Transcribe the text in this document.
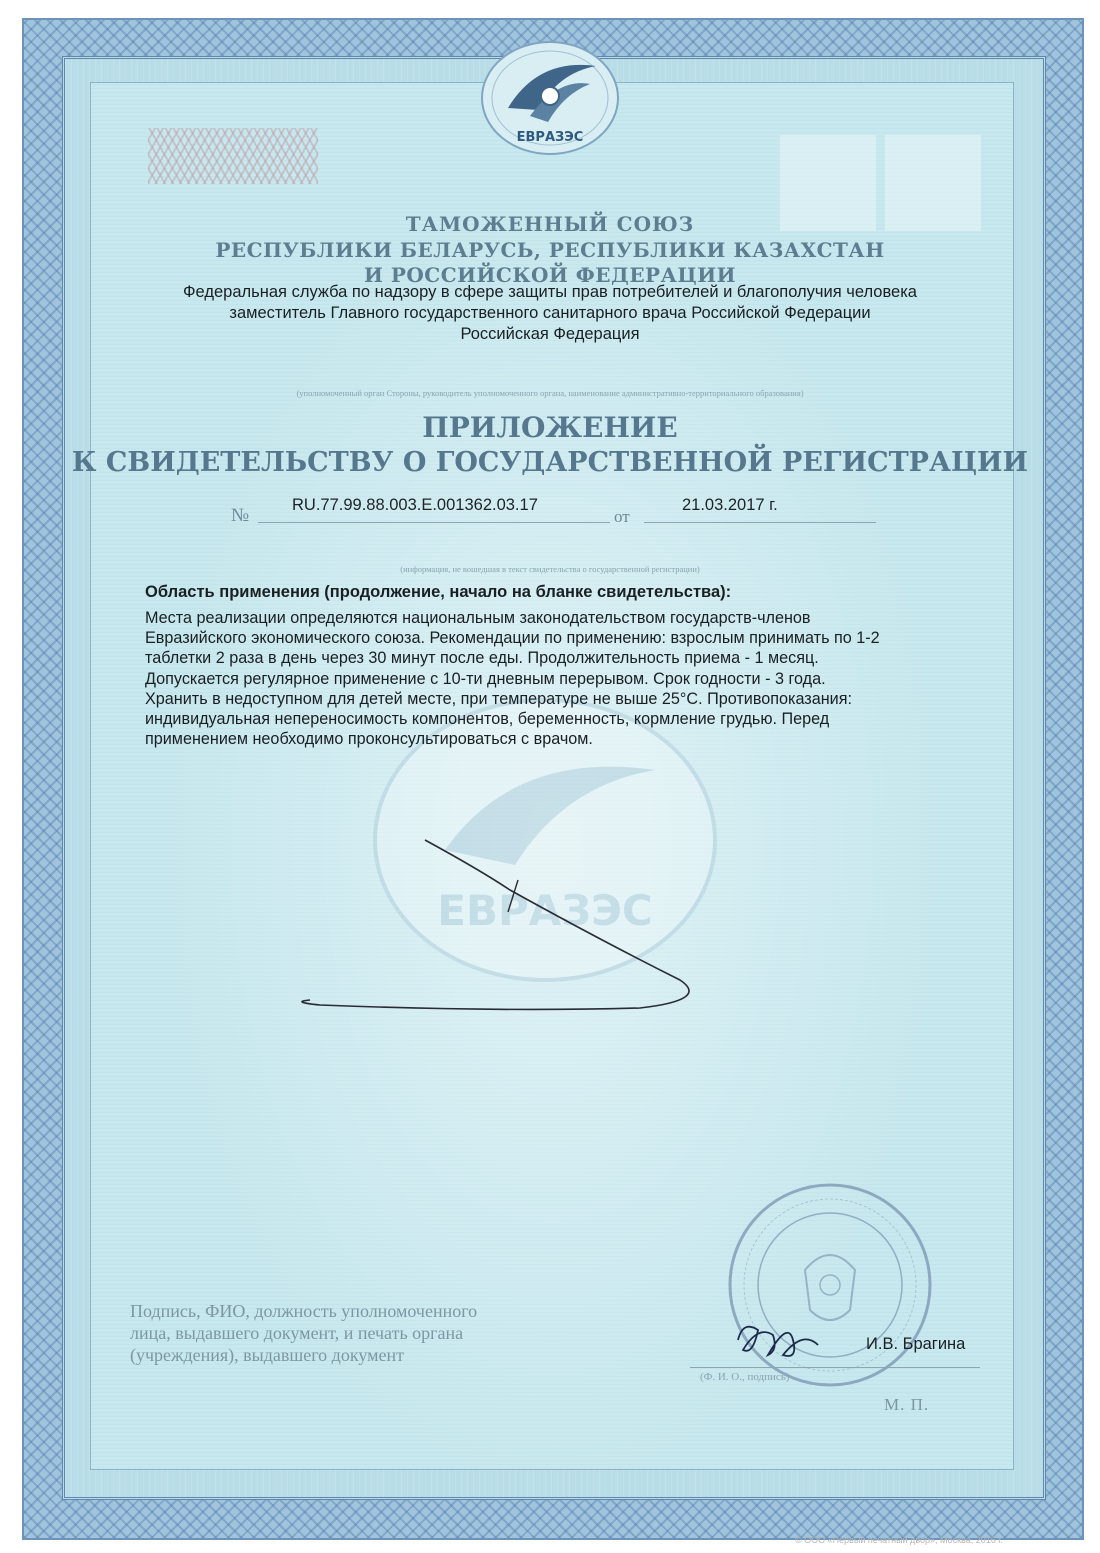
ЕВРАЗЭС
ЕВРАЗЭС
ТАМОЖЕННЫЙ СОЮЗ
РЕСПУБЛИКИ БЕЛАРУСЬ, РЕСПУБЛИКИ КАЗАХСТАН
И РОССИЙСКОЙ ФЕДЕРАЦИИ
Федеральная служба по надзору в сфере защиты прав потребителей и благополучия человека
заместитель Главного государственного санитарного врача Российской Федерации
Российская Федерация
(уполномоченный орган Стороны, руководитель уполномоченного органа, наименование административно-территориального образования)
ПРИЛОЖЕНИЕ
К СВИДЕТЕЛЬСТВУ О ГОСУДАРСТВЕННОЙ РЕГИСТРАЦИИ
№	RU.77.99.88.003.E.001362.03.17
от
21.03.2017 г.
(информация, не вошедшая в текст свидетельства о государственной регистрации)
Область применения (продолжение, начало на бланке свидетельства):
Места реализации определяются национальным законодательством государств-членов
Евразийского экономического союза. Рекомендации по применению: взрослым принимать по 1-2
таблетки 2 раза в день через 30 минут после еды. Продолжительность приема - 1 месяц.
Допускается регулярное применение с 10-ти дневным перерывом. Срок годности - 3 года.
Хранить в недоступном для детей месте, при температуре не выше 25°С. Противопоказания:
индивидуальная непереносимость компонентов, беременность, кормление грудью. Перед
применением необходимо проконсультироваться с врачом.
Подпись, ФИО, должность уполномоченного
лица, выдавшего документ, и печать органа
(учреждения), выдавшего документ
И.В. Брагина
(Ф. И. О., подпись)
М. П.
© ООО «Первый печатный двор», Москва, 2016 г.
